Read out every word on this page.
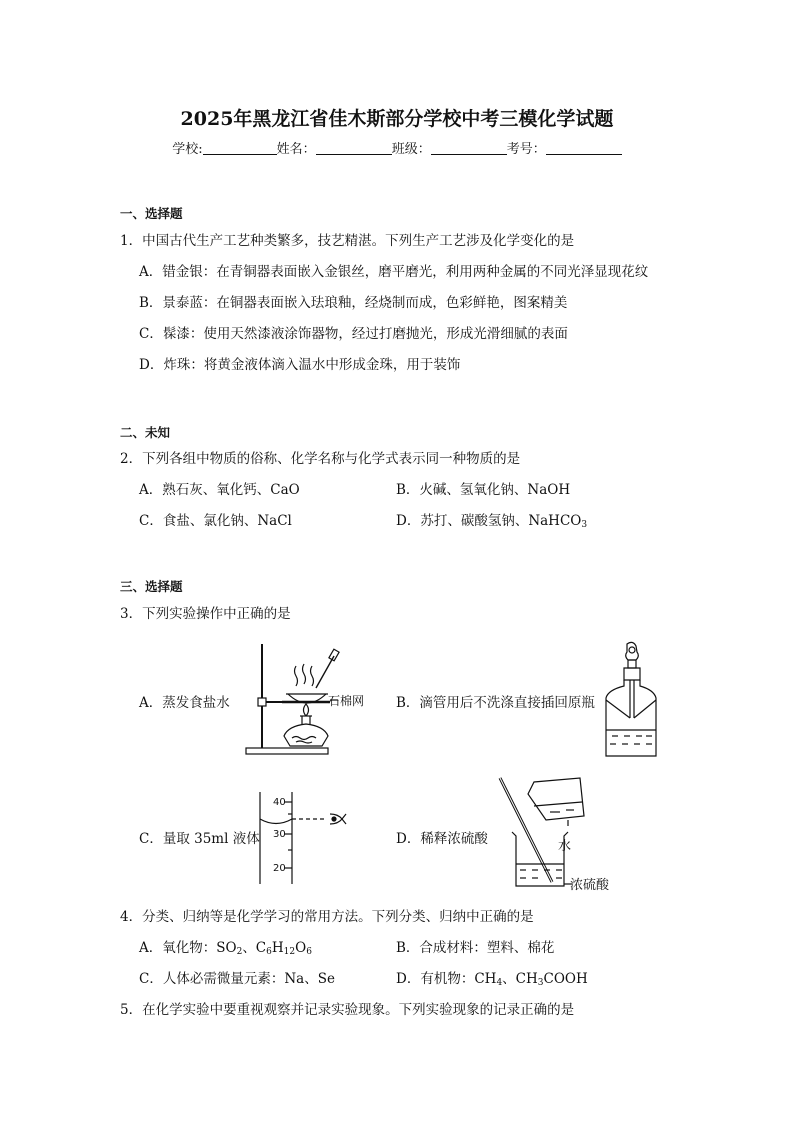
2025年黑龙江省佳木斯部分学校中考三模化学试题
学校:	姓名：	班级：	考号：
一、选择题
1．中国古代生产工艺种类繁多，技艺精湛。下列生产工艺涉及化学变化的是
A．错金银：在青铜器表面嵌入金银丝，磨平磨光，利用两种金属的不同光泽显现花纹
B．景泰蓝：在铜器表面嵌入珐琅釉，经烧制而成，色彩鲜艳，图案精美
C．髹漆：使用天然漆液涂饰器物，经过打磨抛光，形成光滑细腻的表面
D．炸珠：将黄金液体滴入温水中形成金珠，用于装饰
二、未知
2．下列各组中物质的俗称、化学名称与化学式表示同一种物质的是
A．熟石灰、氧化钙、CaO	B．火碱、氢氧化钠、NaOH
C．食盐、氯化钠、NaCl	D．苏打、碳酸氢钠、NaHCO$_3$
三、选择题
3．下列实验操作中正确的是
A．蒸发食盐水	B．滴管用后不洗涤直接插回原瓶
C．量取 35ml 液体	D．稀释浓硫酸
石棉网
40
30
20
水
浓硫酸
4．分类、归纳等是化学学习的常用方法。下列分类、归纳中正确的是
A．氧化物：$SO_2$、$C_6H_{12}O_6$	B．合成材料：塑料、棉花
C．人体必需微量元素：Na、Se	D．有机物：$CH_4$、$CH_3COOH$
5．在化学实验中要重视观察并记录实验现象。下列实验现象的记录正确的是
